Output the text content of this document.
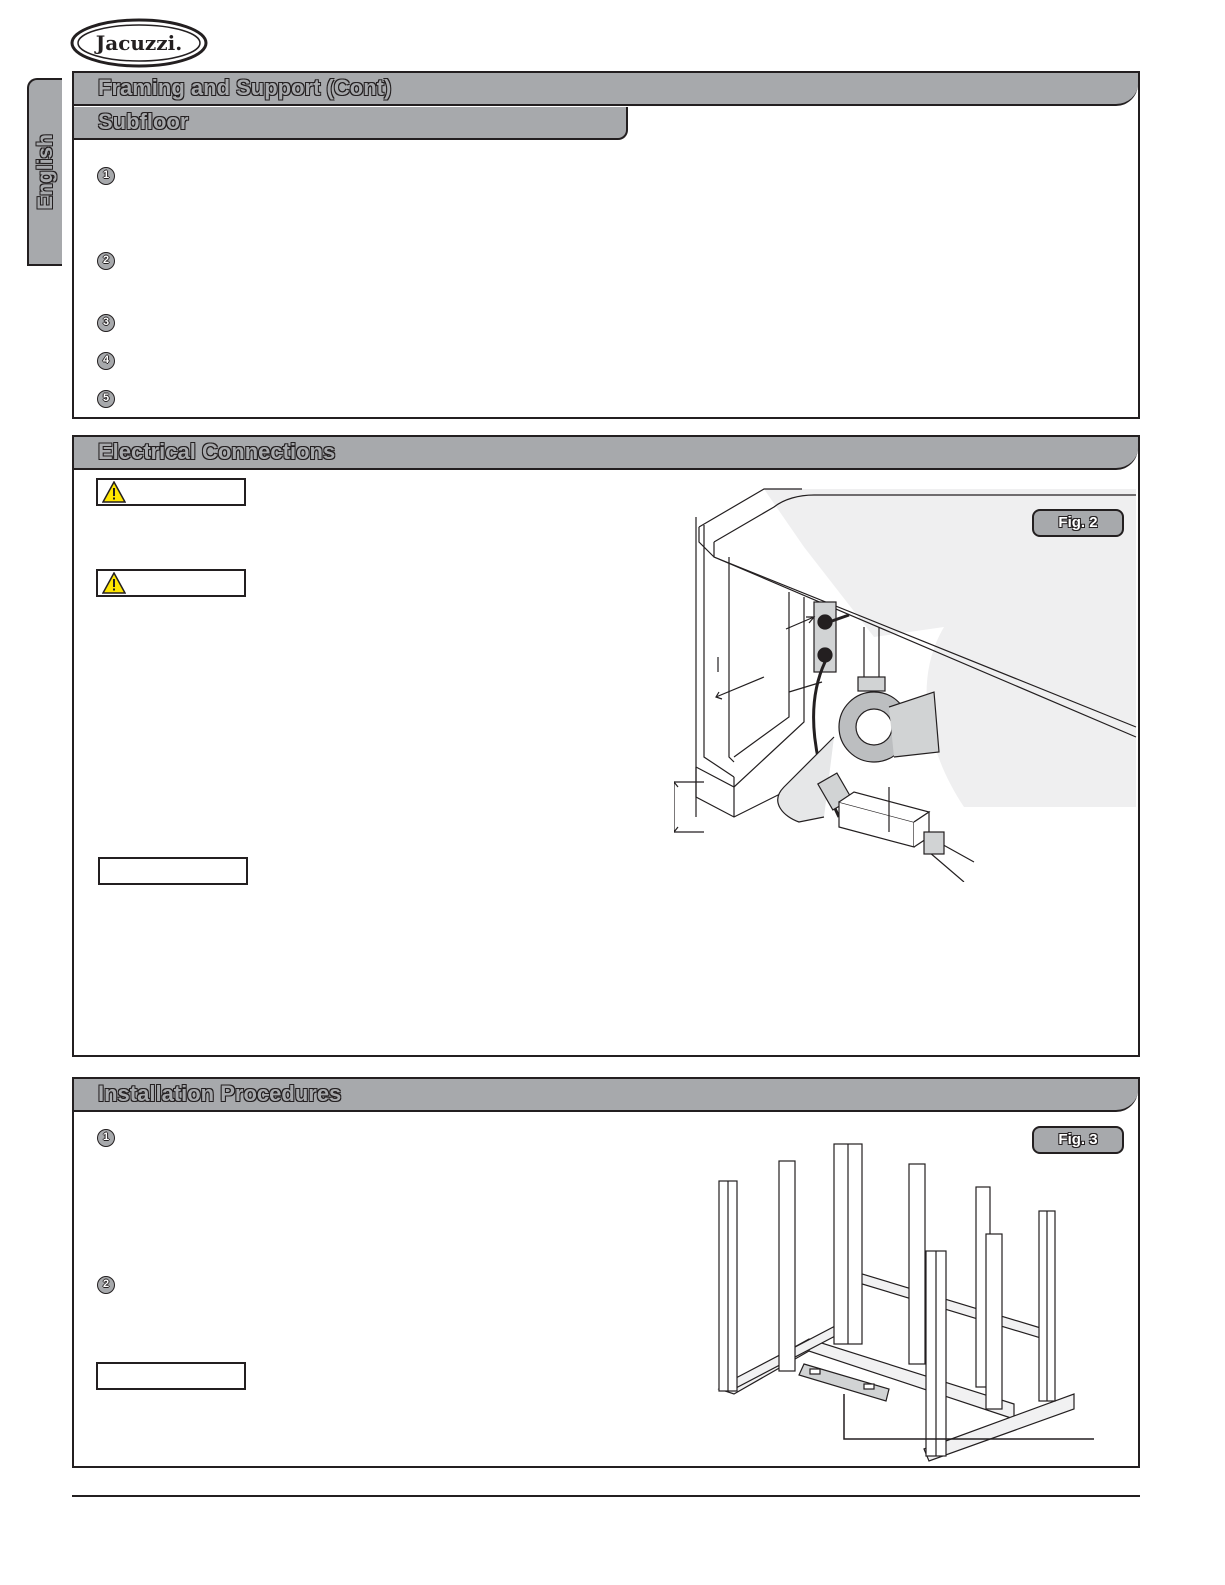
Jacuzzi.
English
Framing and Support (Cont)
Subfloor
1
2
3
4
5
Electrical Connections
Fig. 2
Installation Procedures
1
2
Fig. 3
